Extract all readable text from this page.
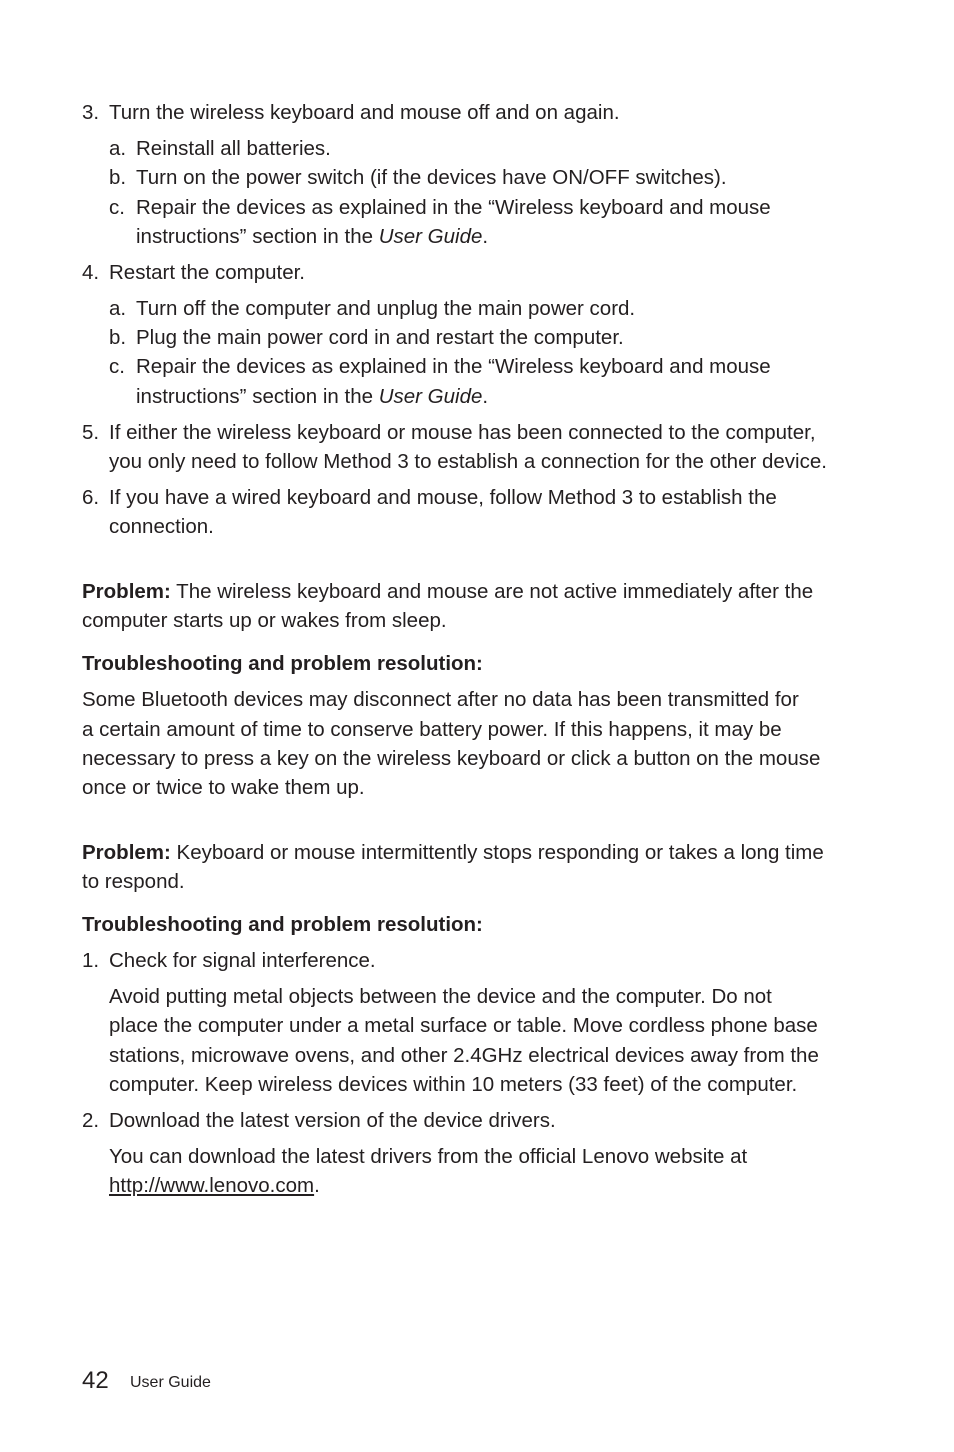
3. Turn the wireless keyboard and mouse off and on again.
a. Reinstall all batteries.
b. Turn on the power switch (if the devices have ON/OFF switches).
c. Repair the devices as explained in the “Wireless keyboard and mouse
instructions” section in the User Guide.
4. Restart the computer.
a. Turn off the computer and unplug the main power cord.
b. Plug the main power cord in and restart the computer.
c. Repair the devices as explained in the “Wireless keyboard and mouse
instructions” section in the User Guide.
5. If either the wireless keyboard or mouse has been connected to the computer,
you only need to follow Method 3 to establish a connection for the other device.
6. If you have a wired keyboard and mouse, follow Method 3 to establish the
connection.
Problem: The wireless keyboard and mouse are not active immediately after the
computer starts up or wakes from sleep.
Troubleshooting and problem resolution:
Some Bluetooth devices may disconnect after no data has been transmitted for
a certain amount of time to conserve battery power. If this happens, it may be
necessary to press a key on the wireless keyboard or click a button on the mouse
once or twice to wake them up.
Problem: Keyboard or mouse intermittently stops responding or takes a long time
to respond.
Troubleshooting and problem resolution:
1. Check for signal interference.
Avoid putting metal objects between the device and the computer. Do not
place the computer under a metal surface or table. Move cordless phone base
stations, microwave ovens, and other 2.4GHz electrical devices away from the
computer. Keep wireless devices within 10 meters (33 feet) of the computer.
2. Download the latest version of the device drivers.
You can download the latest drivers from the official Lenovo website at
http://www.lenovo.com.
42 User Guide
